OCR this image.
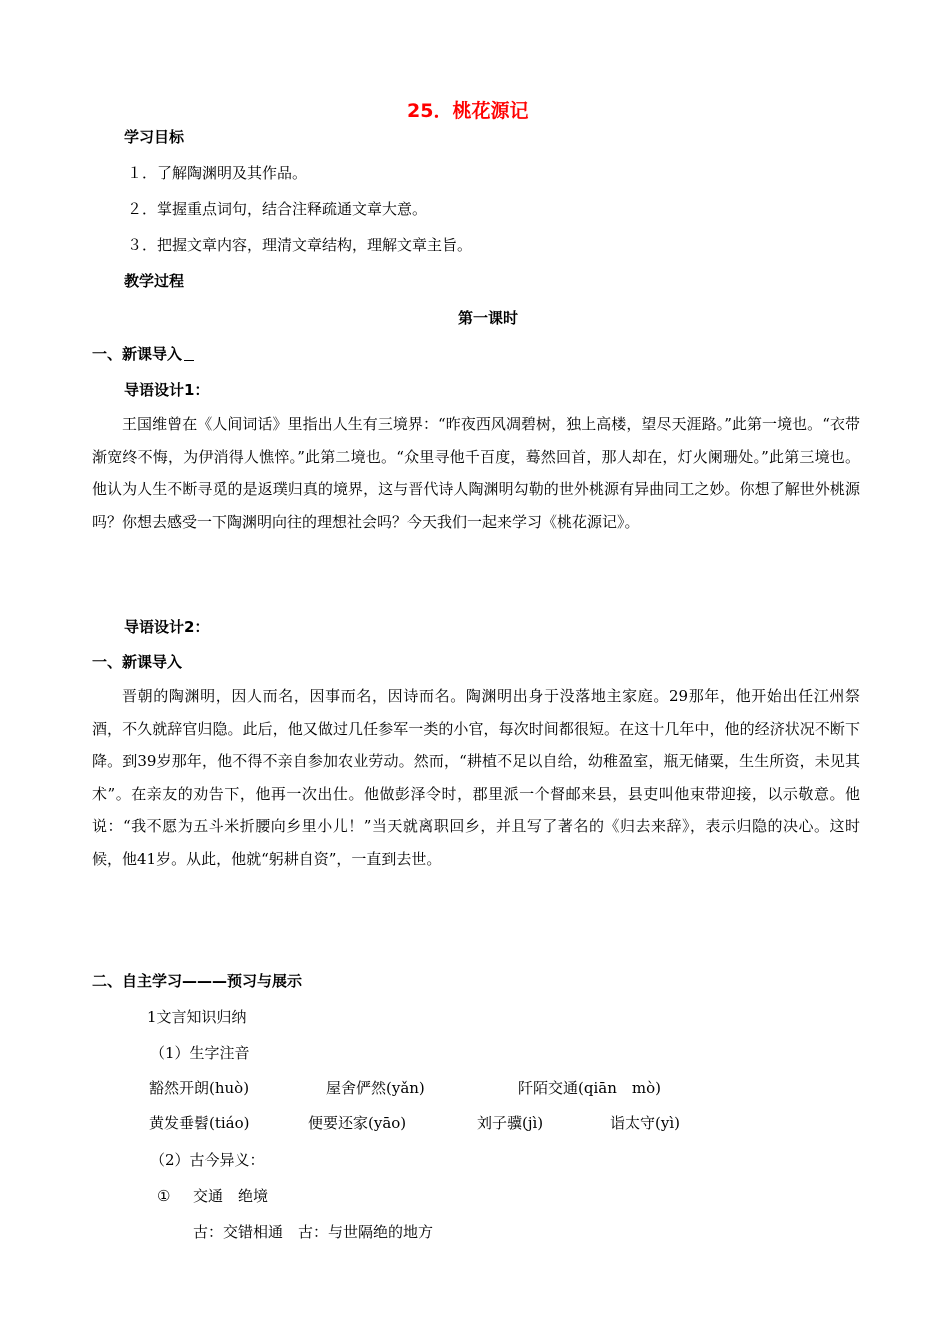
25．桃花源记
学习目标
１．了解陶渊明及其作品。
２．掌握重点词句，结合注释疏通文章大意。
３．把握文章内容，理清文章结构，理解文章主旨。
教学过程
第一课时
一、新课导入
导语设计1：
王国维曾在《人间词话》里指出人生有三境界：“昨夜西风凋碧树，独上高楼，望尽天涯路。”此第一境也。“衣带渐宽终不悔，为伊消得人憔悴。”此第二境也。“众里寻他千百度，蓦然回首，那人却在，灯火阑珊处。”此第三境也。他认为人生不断寻觅的是返璞归真的境界，这与晋代诗人陶渊明勾勒的世外桃源有异曲同工之妙。你想了解世外桃源吗？你想去感受一下陶渊明向往的理想社会吗？今天我们一起来学习《桃花源记》。
导语设计2：
一、新课导入
晋朝的陶渊明，因人而名，因事而名，因诗而名。陶渊明出身于没落地主家庭。29那年，他开始出任江州祭酒，不久就辞官归隐。此后，他又做过几任参军一类的小官，每次时间都很短。在这十几年中，他的经济状况不断下降。到39岁那年，他不得不亲自参加农业劳动。然而，“耕植不足以自给，幼稚盈室，瓶无储粟，生生所资，未见其术”。在亲友的劝告下，他再一次出仕。他做彭泽令时，郡里派一个督邮来县，县吏叫他束带迎接，以示敬意。他说：“我不愿为五斗米折腰向乡里小儿！”当天就离职回乡，并且写了著名的《归去来辞》，表示归隐的决心。这时候，他41岁。从此，他就“躬耕自资”，一直到去世。
二、自主学习———预习与展示
1文言知识归纳
（1）生字注音
豁然开朗(huò)	屋舍俨然(yǎn)	阡陌交通(qiān　mò)
黄发垂髫(tiáo)	便要还家(yāo)	刘子骥(jì)	诣太守(yì)
（2）古今异义：
① 交通　绝境
古：交错相通　古：与世隔绝的地方
